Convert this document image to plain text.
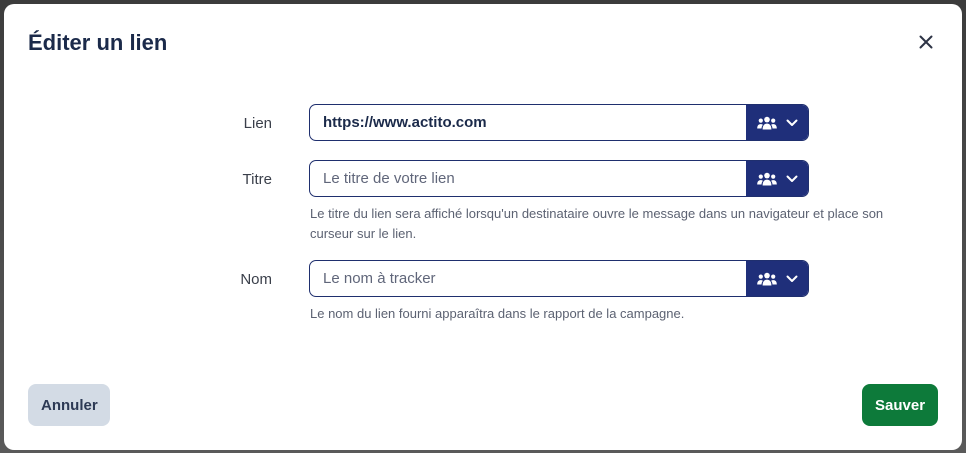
Éditer un lien
Lien
https://www.actito.com
Titre
Le titre de votre lien
Le titre du lien sera affiché lorsqu'un destinataire ouvre le message dans un navigateur et place son curseur sur le lien.
Nom
Le nom à tracker
Le nom du lien fourni apparaîtra dans le rapport de la campagne.
Annuler	Sauver
